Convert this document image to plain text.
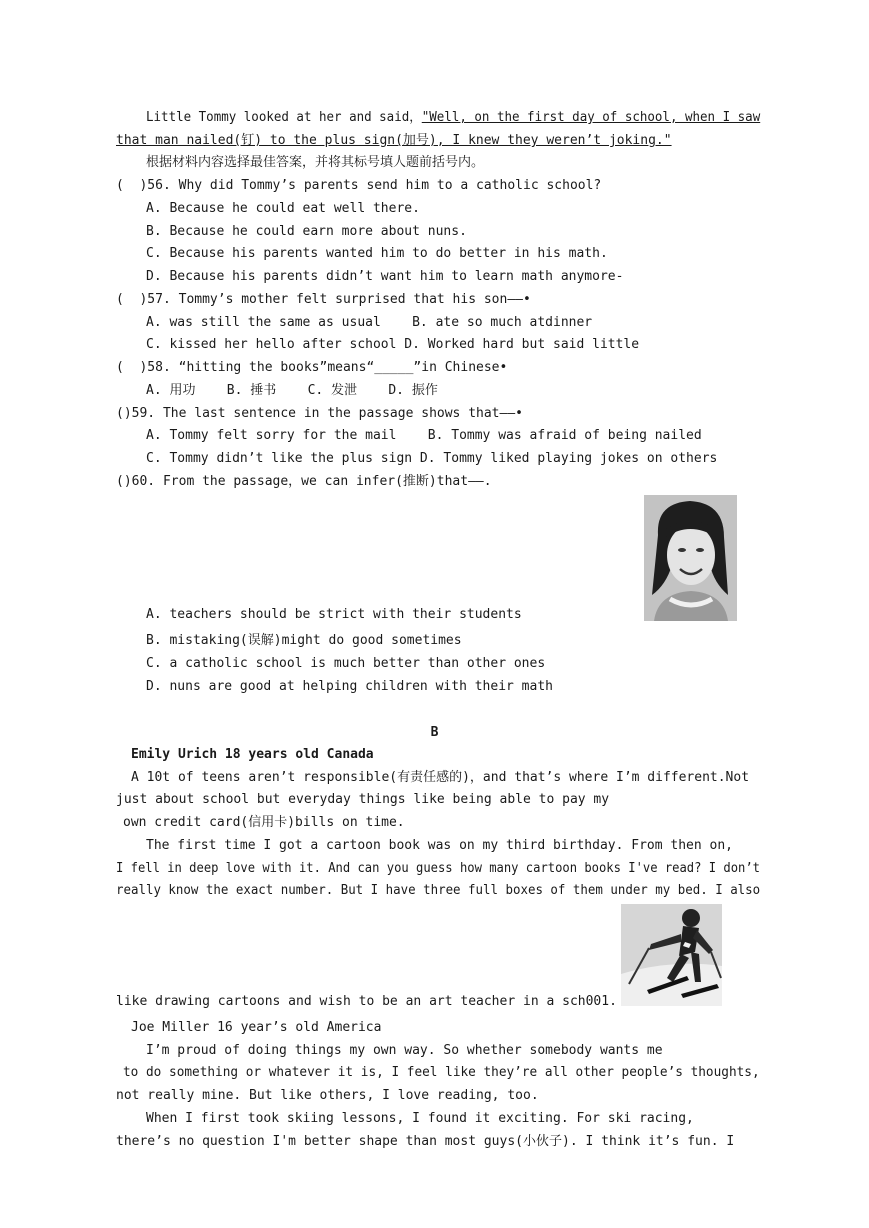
Little Tommy looked at her and said，"Well, on the first day of school, when I saw
that man nailed(钉) to the plus sign(加号), I knew they weren’t joking."
根据材料内容选择最佳答案，并将其标号填人题前括号内。
(  )56. Why did Tommy’s parents send him to a catholic school?
A. Because he could eat well there.
B. Because he could earn more about nuns.
C. Because his parents wanted him to do better in his math.
D. Because his parents didn’t want him to learn math anymore-
(  )57. Tommy’s mother felt surprised that his son——•
A. was still the same as usual    B. ate so much atdinner
C. kissed her hello after school D. Worked hard but said little
(  )58. “hitting the books”means“_____”in Chinese•
A. 用功    B. 捶书    C. 发泄    D. 振作
()59. The last sentence in the passage shows that——•
A. Tommy felt sorry for the mail    B. Tommy was afraid of being nailed
C. Tommy didn’t like the plus sign D. Tommy liked playing jokes on others
()60. From the passage，we can infer(推断)that——.
A. teachers should be strict with their students
B. mistaking(误解)might do good sometimes
C. a catholic school is much better than other ones
D. nuns are good at helping children with their math
B
Emily Urich 18 years old Canada
A 10t of teens aren’t responsible(有责任感的)，and that’s where I’m different.Not
just about school but everyday things like being able to pay my
own credit card(信用卡)bills on time.
The first time I got a cartoon book was on my third birthday. From then on,
I fell in deep love with it. And can you guess how many cartoon books I've read? I don’t
really know the exact number. But I have three full boxes of them under my bed. I also
like drawing cartoons and wish to be an art teacher in a sch001.
Joe Miller 16 year’s old America
I’m proud of doing things my own way. So whether somebody wants me
to do something or whatever it is, I feel like they’re all other people’s thoughts,
not really mine. But like others, I love reading, too.
When I first took skiing lessons, I found it exciting. For ski racing,
there’s no question I'm better shape than most guys(小伙子). I think it’s fun. I
